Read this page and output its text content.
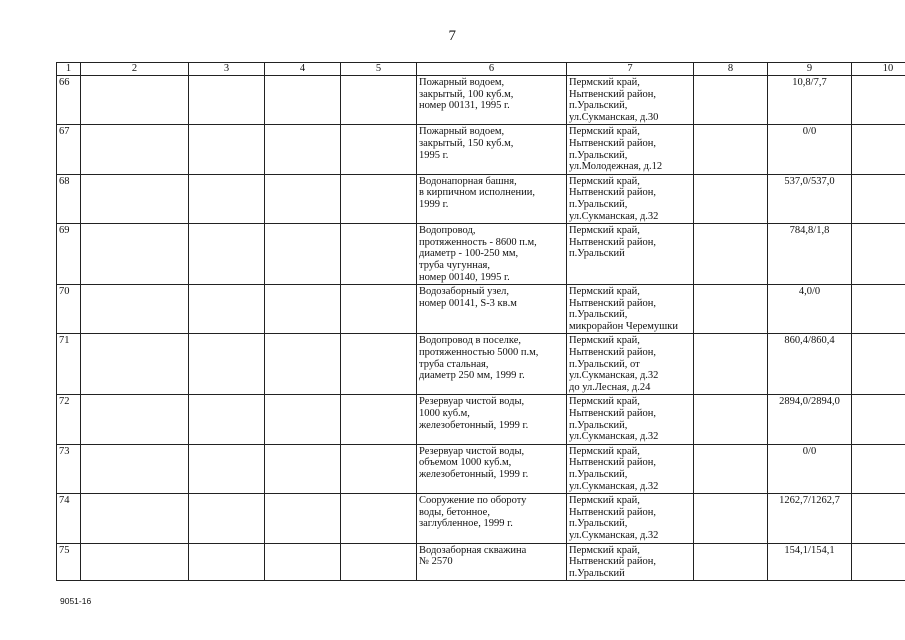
7
1	2	3	4	5	6	7	8	9	10
66					Пожарный водоем,
закрытый, 100 куб.м,
номер 00131, 1995 г.	Пермский край,
Нытвенский район,
п.Уральский,
ул.Сукманская, д.30		10,8/7,7	
67					Пожарный водоем,
закрытый, 150 куб.м,
1995 г.	Пермский край,
Нытвенский район,
п.Уральский,
ул.Молодежная, д.12		0/0	
68					Водонапорная башня,
в кирпичном исполнении,
1999 г.	Пермский край,
Нытвенский район,
п.Уральский,
ул.Сукманская, д.32		537,0/537,0	
69					Водопровод,
протяженность - 8600 п.м,
диаметр - 100-250 мм,
труба чугунная,
номер 00140, 1995 г.	Пермский край,
Нытвенский район,
п.Уральский		784,8/1,8	
70					Водозаборный узел,
номер 00141, S-3 кв.м	Пермский край,
Нытвенский район,
п.Уральский,
микрорайон Черемушки		4,0/0	
71					Водопровод в поселке,
протяженностью 5000 п.м,
труба стальная,
диаметр 250 мм, 1999 г.	Пермский край,
Нытвенский район,
п.Уральский, от
ул.Сукманская, д.32
до ул.Лесная, д.24		860,4/860,4	
72					Резервуар чистой воды,
1000 куб.м,
железобетонный, 1999 г.	Пермский край,
Нытвенский район,
п.Уральский,
ул.Сукманская, д.32		2894,0/2894,0	
73					Резервуар чистой воды,
объемом 1000 куб.м,
железобетонный, 1999 г.	Пермский край,
Нытвенский район,
п.Уральский,
ул.Сукманская, д.32		0/0	
74					Сооружение по обороту
воды, бетонное,
заглубленное, 1999 г.	Пермский край,
Нытвенский район,
п.Уральский,
ул.Сукманская, д.32		1262,7/1262,7	
75					Водозаборная скважина
№ 2570	Пермский край,
Нытвенский район,
п.Уральский		154,1/154,1	
9051-16
